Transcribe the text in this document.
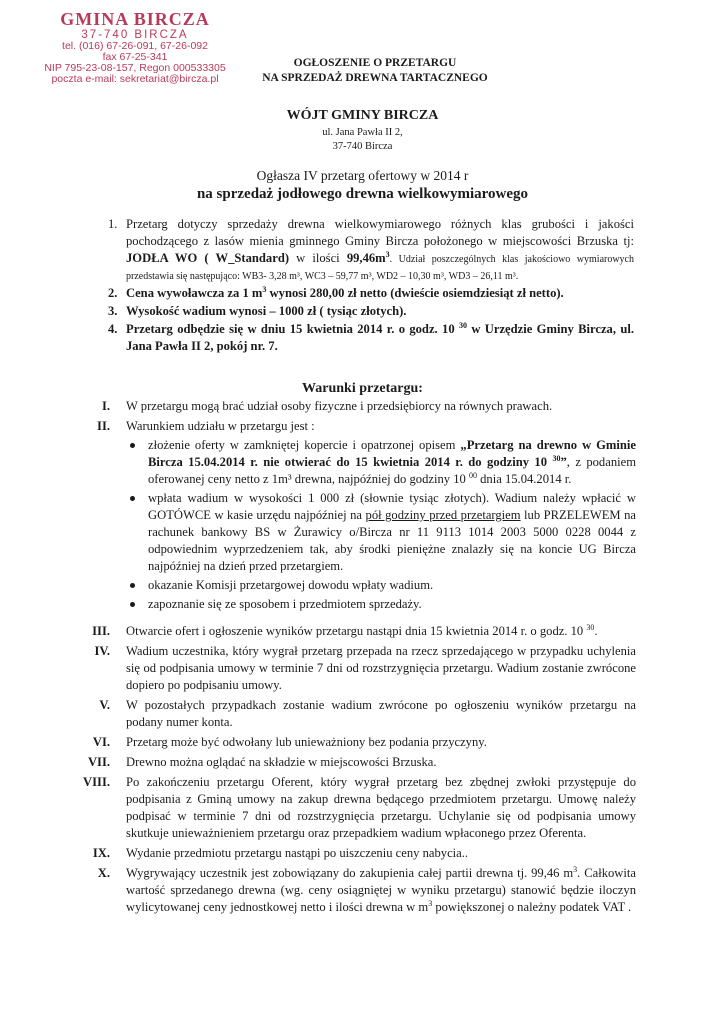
GMINA BIRCZA
37-740 BIRCZA
tel. (016) 67-26-091, 67-26-092
fax 67-25-341
NIP 795-23-08-157, Regon 000533305
poczta e-mail: sekretariat@bircza.pl
OGŁOSZENIE O PRZETARGU
NA SPRZEDAŻ DREWNA TARTACZNEGO
WÓJT GMINY BIRCZA
ul. Jana Pawła II 2,
37-740 Bircza
Ogłasza IV przetarg ofertowy w 2014 r
na sprzedaż jodłowego drewna wielkowymiarowego
1. Przetarg dotyczy sprzedaży drewna wielkowymiarowego różnych klas grubości i jakości pochodzącego z lasów mienia gminnego Gminy Bircza położonego w miejscowości Brzuska tj: JODŁA WO ( W_Standard) w ilości $99,46m^3$. Udział poszczególnych klas jakościowo wymiarowych przedstawia się następująco: WB3- 3,28 m³, WC3 – 59,77 m³, WD2 – 10,30 m³, WD3 – 26,11 m³.
2. Cena wywoławcza za 1 $m^3$ wynosi 280,00 zł netto (dwieście osiemdziesiąt zł netto).
3. Wysokość wadium wynosi – 1000 zł ( tysiąc złotych).
4. Przetarg odbędzie się w dniu 15 kwietnia 2014 r. o godz. 10 $^{30}$ w Urzędzie Gminy Bircza, ul. Jana Pawła II 2, pokój nr. 7.
Warunki przetargu:
I. W przetargu mogą brać udział osoby fizyczne i przedsiębiorcy na równych prawach.
II. Warunkiem udziału w przetargu jest :
złożenie oferty w zamkniętej kopercie i opatrzonej opisem „Przetarg na drewno w Gminie Bircza 15.04.2014 r. nie otwierać do 15 kwietnia 2014 r. do godziny 10 $^{30}$”, z podaniem oferowanej ceny netto z 1m³ drewna, najpóźniej do godziny 10 $^{00}$ dnia 15.04.2014 r.
wpłata wadium w wysokości 1 000 zł (słownie tysiąc złotych). Wadium należy wpłacić w GOTÓWCE w kasie urzędu najpóźniej na pół godziny przed przetargiem lub PRZELEWEM na rachunek bankowy BS w Żurawicy o/Bircza nr 11 9113 1014 2003 5000 0228 0044 z odpowiednim wyprzedzeniem tak, aby środki pieniężne znalazły się na koncie UG Bircza najpóźniej na dzień przed przetargiem.
okazanie Komisji przetargowej dowodu wpłaty wadium.
zapoznanie się ze sposobem i przedmiotem sprzedaży.
III. Otwarcie ofert i ogłoszenie wyników przetargu nastąpi dnia 15 kwietnia 2014 r. o godz. 10 $^{30}$.
IV. Wadium uczestnika, który wygrał przetarg przepada na rzecz sprzedającego w przypadku uchylenia się od podpisania umowy w terminie 7 dni od rozstrzygnięcia przetargu. Wadium zostanie zwrócone dopiero po podpisaniu umowy.
V. W pozostałych przypadkach zostanie wadium zwrócone po ogłoszeniu wyników przetargu na podany numer konta.
VI. Przetarg może być odwołany lub unieważniony bez podania przyczyny.
VII. Drewno można oglądać na składzie w miejscowości Brzuska.
VIII. Po zakończeniu przetargu Oferent, który wygrał przetarg bez zbędnej zwłoki przystępuje do podpisania z Gminą umowy na zakup drewna będącego przedmiotem przetargu. Umowę należy podpisać w terminie 7 dni od rozstrzygnięcia przetargu. Uchylanie się od podpisania umowy skutkuje unieważnieniem przetargu oraz przepadkiem wadium wpłaconego przez Oferenta.
IX. Wydanie przedmiotu przetargu nastąpi po uiszczeniu ceny nabycia..
X. Wygrywający uczestnik jest zobowiązany do zakupienia całej partii drewna tj. 99,46 $m^3$. Całkowita wartość sprzedanego drewna (wg. ceny osiągniętej w wyniku przetargu) stanowić będzie iloczyn wylicytowanej ceny jednostkowej netto i ilości drewna w $m^3$ powiększonej o należny podatek VAT .
